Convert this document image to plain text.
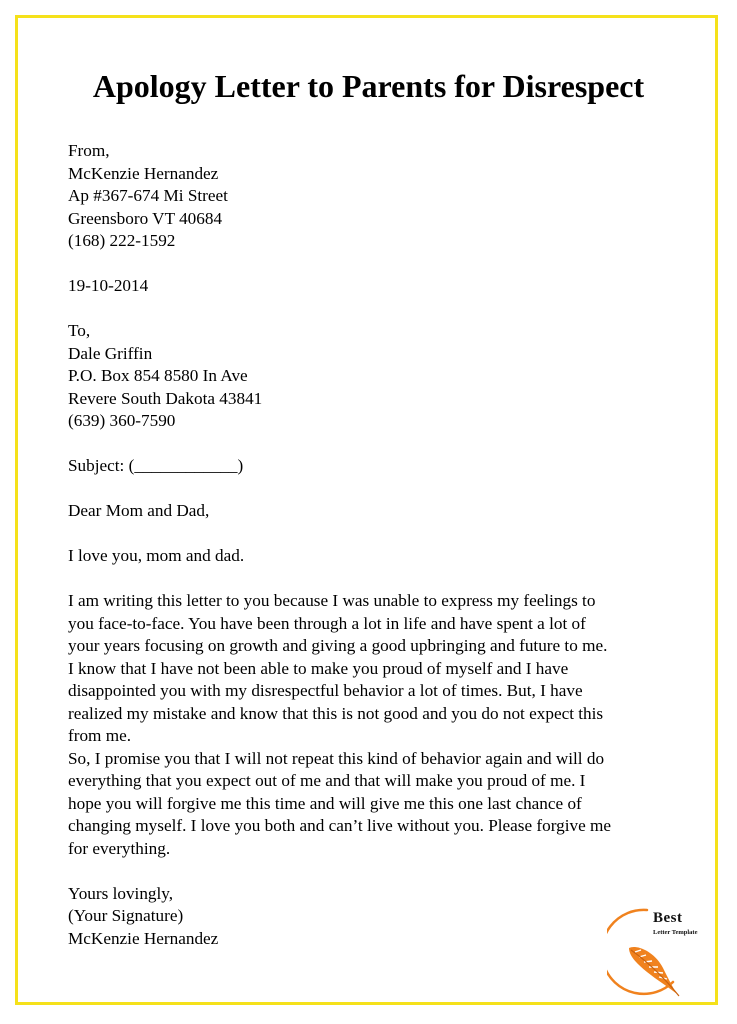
Apology Letter to Parents for Disrespect
From,
McKenzie Hernandez
Ap #367-674 Mi Street
Greensboro VT 40684
(168) 222-1592
19-10-2014
To,
Dale Griffin
P.O. Box 854 8580 In Ave
Revere South Dakota 43841
(639) 360-7590
Subject: (____________)
Dear Mom and Dad,
I love you, mom and dad.
I am writing this letter to you because I was unable to express my feelings to
you face-to-face. You have been through a lot in life and have spent a lot of
your years focusing on growth and giving a good upbringing and future to me.
I know that I have not been able to make you proud of myself and I have
disappointed you with my disrespectful behavior a lot of times. But, I have
realized my mistake and know that this is not good and you do not expect this
from me.
So, I promise you that I will not repeat this kind of behavior again and will do
everything that you expect out of me and that will make you proud of me. I
hope you will forgive me this time and will give me this one last chance of
changing myself. I love you both and can’t live without you. Please forgive me
for everything.
Yours lovingly,
(Your Signature)
McKenzie Hernandez
Best
Letter Template
